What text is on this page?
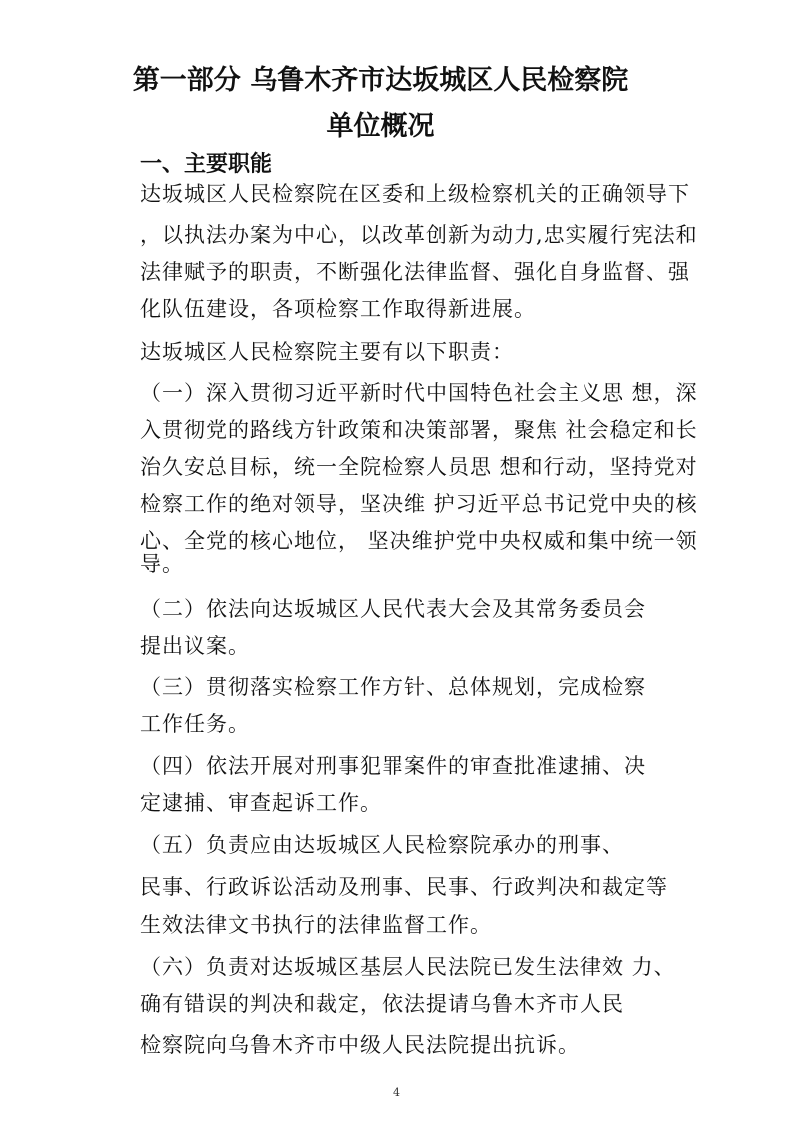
第一部分 乌鲁木齐市达坂城区人民检察院
单位概况
一、主要职能
达坂城区人民检察院在区委和上级检察机关的正确领导下
，以执法办案为中心，以改革创新为动力,忠实履行宪法和
法律赋予的职责，不断强化法律监督、强化自身监督、强
化队伍建设，各项检察工作取得新进展。
达坂城区人民检察院主要有以下职责：
（一）深入贯彻习近平新时代中国特色社会主义思 想，深
入贯彻党的路线方针政策和决策部署，聚焦 社会稳定和长
治久安总目标，统一全院检察人员思 想和行动，坚持党对
检察工作的绝对领导，坚决维 护习近平总书记党中央的核
心、全党的核心地位， 坚决维护党中央权威和集中统一领
导。
（二）依法向达坂城区人民代表大会及其常务委员会
提出议案。
（三）贯彻落实检察工作方针、总体规划，完成检察
工作任务。
（四）依法开展对刑事犯罪案件的审查批准逮捕、决
定逮捕、审查起诉工作。
（五）负责应由达坂城区人民检察院承办的刑事、
民事、行政诉讼活动及刑事、民事、行政判决和裁定等
生效法律文书执行的法律监督工作。
（六）负责对达坂城区基层人民法院已发生法律效 力、
确有错误的判决和裁定，依法提请乌鲁木齐市人民
检察院向乌鲁木齐市中级人民法院提出抗诉。
4
